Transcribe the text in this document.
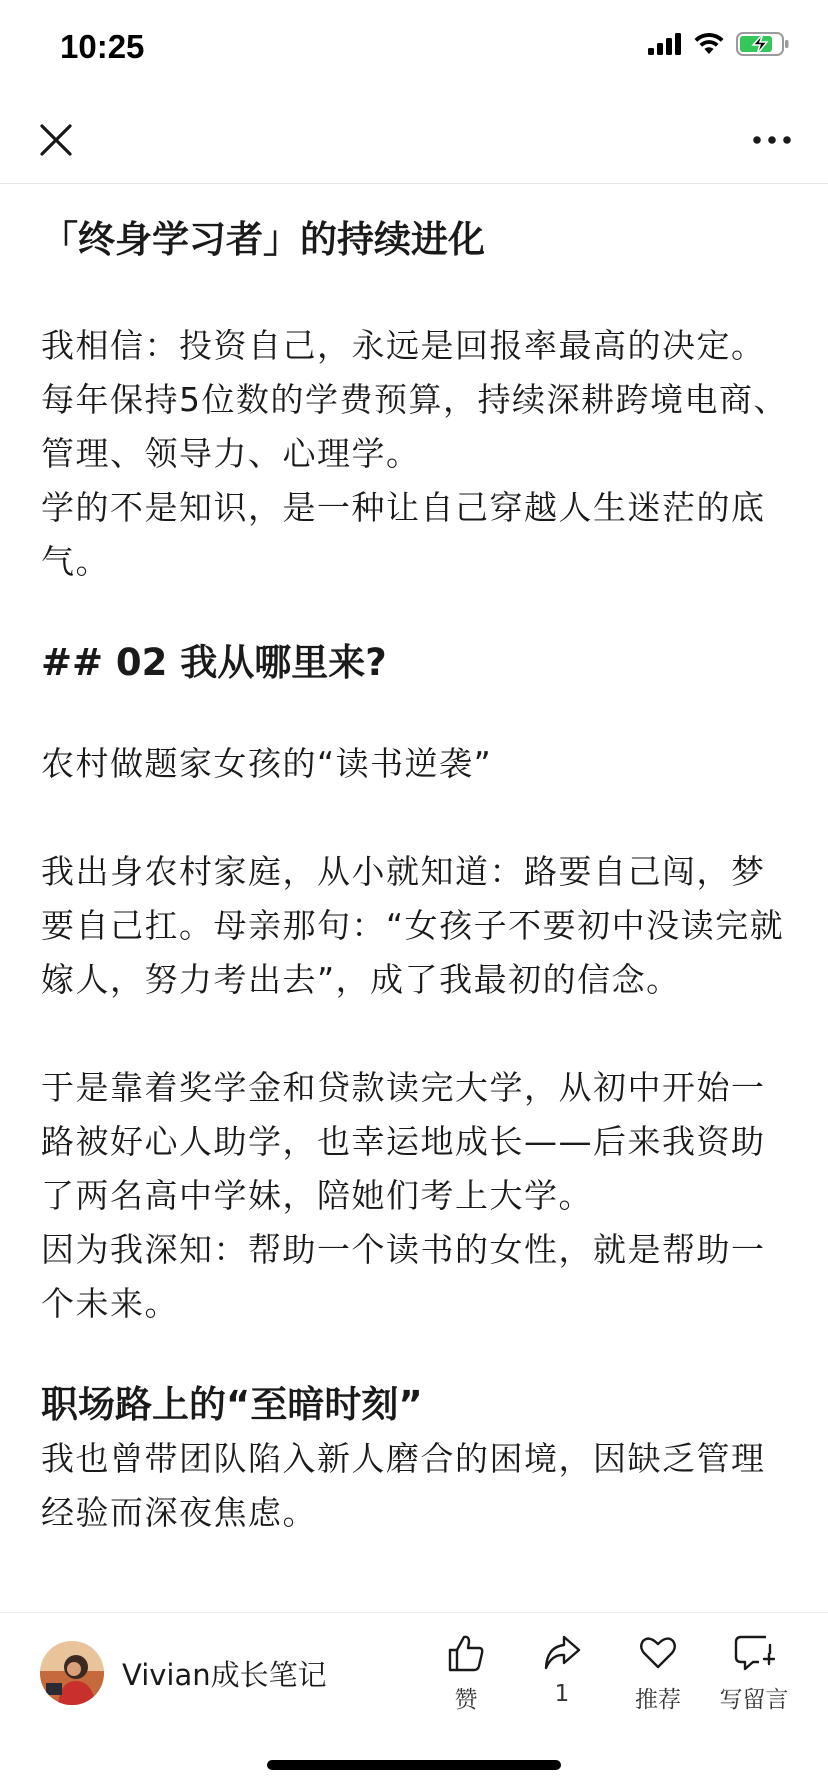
10:25
「终身学习者」的持续进化
我相信：投资自己，永远是回报率最高的决定。每年保持5位数的学费预算，持续深耕跨境电商、管理、领导力、心理学。
学的不是知识，是一种让自己穿越人生迷茫的底气。
## 02 我从哪里来?
农村做题家女孩的“读书逆袭”
我出身农村家庭，从小就知道：路要自己闯，梦要自己扛。母亲那句：“女孩子不要初中没读完就嫁人，努力考出去”，成了我最初的信念。
于是靠着奖学金和贷款读完大学，从初中开始一路被好心人助学，也幸运地成长——后来我资助了两名高中学妹，陪她们考上大学。
因为我深知：帮助一个读书的女性，就是帮助一个未来。
职场路上的“至暗时刻”
我也曾带团队陷入新人磨合的困境，因缺乏管理经验而深夜焦虑。
Vivian成长笔记
赞	1	推荐 写留言
